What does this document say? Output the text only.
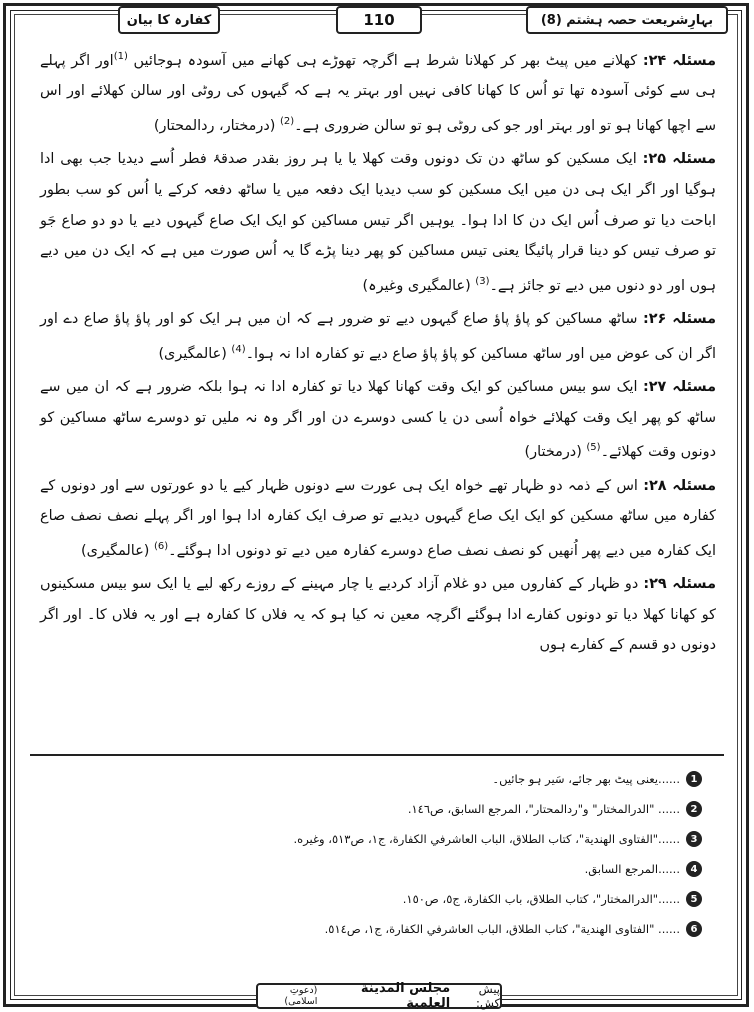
کفارہ کا بیان	110	بہارِشریعت حصہ ہشتم (8)

مسئلہ ۲۴: کھلانے میں پیٹ بھر کر کھلانا شرط ہے اگرچہ تھوڑے ہی کھانے میں آسودہ ہوجائیں $^{(1)}$اور اگر پہلے ہی سے کوئی آسودہ تھا تو اُس کا کھانا کافی نہیں اور بہتر یہ ہے کہ گیہوں کی روٹی اور سالن کھلائے اور اس سے اچھا کھانا ہو تو اور بہتر اور جو کی روٹی ہو تو سالن ضروری ہے۔$^{(2)}$ (درمختار، ردالمحتار)

مسئلہ ۲۵: ایک مسکین کو ساٹھ دن تک دونوں وقت کھلا یا یا ہر روز بقدر صدقۂ فطر اُسے دیدیا جب بھی ادا ہوگیا اور اگر ایک ہی دن میں ایک مسکین کو سب دیدیا ایک دفعہ میں یا ساٹھ دفعہ کرکے یا اُس کو سب بطور اباحت دیا تو صرف اُس ایک دن کا ادا ہوا۔ یوہیں اگر تیس مساکین کو ایک ایک صاع گیہوں دیے یا دو دو صاع جَو تو صرف تیس کو دینا قرار پائیگا یعنی تیس مساکین کو پھر دینا پڑے گا یہ اُس صورت میں ہے کہ ایک دن میں دیے ہوں اور دو دنوں میں دیے تو جائز ہے۔$^{(3)}$ (عالمگیری وغیرہ)

مسئلہ ۲۶: ساٹھ مساکین کو پاؤ پاؤ صاع گیہوں دیے تو ضرور ہے کہ ان میں ہر ایک کو اور پاؤ پاؤ صاع دے اور اگر ان کی عوض میں اور ساٹھ مساکین کو پاؤ پاؤ صاع دیے تو کفارہ ادا نہ ہوا۔$^{(4)}$ (عالمگیری)

مسئلہ ۲۷: ایک سو بیس مساکین کو ایک وقت کھانا کھلا دیا تو کفارہ ادا نہ ہوا بلکہ ضرور ہے کہ ان میں سے ساٹھ کو پھر ایک وقت کھلائے خواہ اُسی دن یا کسی دوسرے دن اور اگر وہ نہ ملیں تو دوسرے ساٹھ مساکین کو دونوں وقت کھلائے۔$^{(5)}$ (درمختار)

مسئلہ ۲۸: اس کے ذمہ دو ظہار تھے خواہ ایک ہی عورت سے دونوں ظہار کیے یا دو عورتوں سے اور دونوں کے کفارہ میں ساٹھ مسکین کو ایک ایک صاع گیہوں دیدیے تو صرف ایک کفارہ ادا ہوا اور اگر پہلے نصف نصف صاع ایک کفارہ میں دیے پھر اُنھیں کو نصف نصف صاع دوسرے کفارہ میں دیے تو دونوں ادا ہوگئے۔$^{(6)}$ (عالمگیری)

مسئلہ ۲۹: دو ظہار کے کفاروں میں دو غلام آزاد کردیے یا چار مہینے کے روزے رکھ لیے یا ایک سو بیس مسکینوں کو کھانا کھلا دیا تو دونوں کفارے ادا ہوگئے اگرچہ معین نہ کیا ہو کہ یہ فلاں کا کفارہ ہے اور یہ فلاں کا۔ اور اگر دونوں دو قسم کے کفارے ہوں

1
......یعنی پیٹ بھر جائے، سَیر ہو جائیں۔
2
...... "الدرالمختار" و"ردالمحتار"، المرجع السابق، ص١٤٦.
3
......"الفتاوى الهندية"، كتاب الطلاق، الباب العاشرفي الكفارة، ج١، ص٥١٣، وغيره.
4
......المرجع السابق.
5
......"الدرالمختار"، كتاب الطلاق، باب الكفارة، ج٥، ص١٥٠.
6
...... "الفتاوى الهندية"، كتاب الطلاق، الباب العاشرفي الكفارة، ج١، ص٥١٤.
پیش کش:
مجلس المدينة العلمية
(دعوتِ اسلامی)
